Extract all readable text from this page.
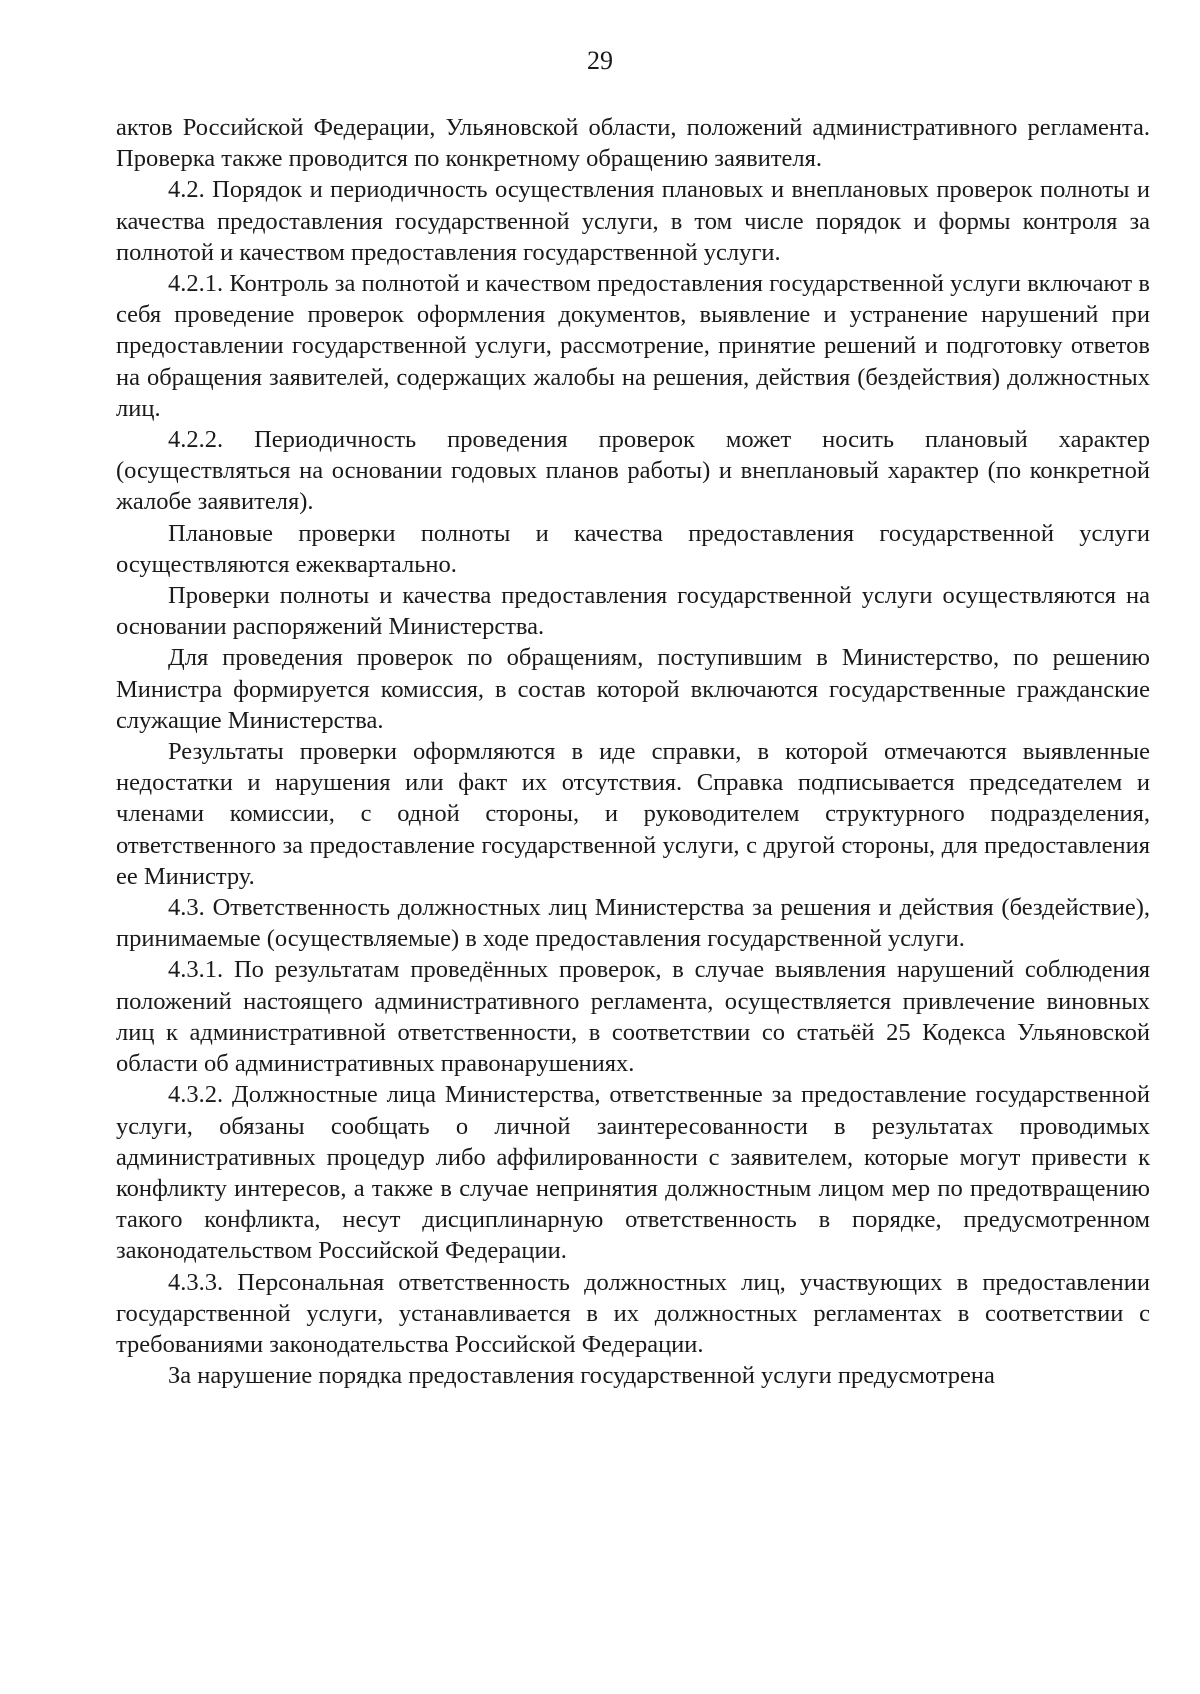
29

актов Российской Федерации, Ульяновской области, положений административного регламента. Проверка также проводится по конкретному обращению заявителя.

4.2. Порядок и периодичность осуществления плановых и внеплановых проверок полноты и качества предоставления государственной услуги, в том числе порядок и формы контроля за полнотой и качеством предоставления государственной услуги.

4.2.1. Контроль за полнотой и качеством предоставления государственной услуги включают в себя проведение проверок оформления документов, выявление и устранение нарушений при предоставлении государственной услуги, рассмотрение, принятие решений и подготовку ответов на обращения заявителей, содержащих жалобы на решения, действия (бездействия) должностных лиц.

4.2.2. Периодичность проведения проверок может носить плановый характер (осуществляться на основании годовых планов работы) и внеплановый характер (по конкретной жалобе заявителя).

Плановые проверки полноты и качества предоставления государственной услуги осуществляются ежеквартально.

Проверки полноты и качества предоставления государственной услуги осуществляются на основании распоряжений Министерства.

Для проведения проверок по обращениям, поступившим в Министерство, по решению Министра формируется комиссия, в состав которой включаются государственные гражданские служащие Министерства.

Результаты проверки оформляются в иде справки, в которой отмечаются выявленные недостатки и нарушения или факт их отсутствия. Справка подписывается председателем и членами комиссии, с одной стороны, и руководителем структурного подразделения, ответственного за предоставление государственной услуги, с другой стороны, для предоставления ее Министру.

4.3. Ответственность должностных лиц Министерства за решения и действия (бездействие), принимаемые (осуществляемые) в ходе предоставления государственной услуги.

4.3.1. По результатам проведённых проверок, в случае выявления нарушений соблюдения положений настоящего административного регламента, осуществляется привлечение виновных лиц к административной ответственности, в соответствии со статьёй 25 Кодекса Ульяновской области об административных правонарушениях.

4.3.2. Должностные лица Министерства, ответственные за предоставление государственной услуги, обязаны сообщать о личной заинтересованности в результатах проводимых административных процедур либо аффилированности с заявителем, которые могут привести к конфликту интересов, а также в случае непринятия должностным лицом мер по предотвращению такого конфликта, несут дисциплинарную ответственность в порядке, предусмотренном законодательством Российской Федерации.

4.3.3. Персональная ответственность должностных лиц, участвующих в предоставлении государственной услуги, устанавливается в их должностных регламентах в соответствии с требованиями законодательства Российской Федерации.

За нарушение порядка предоставления государственной услуги предусмотрена
